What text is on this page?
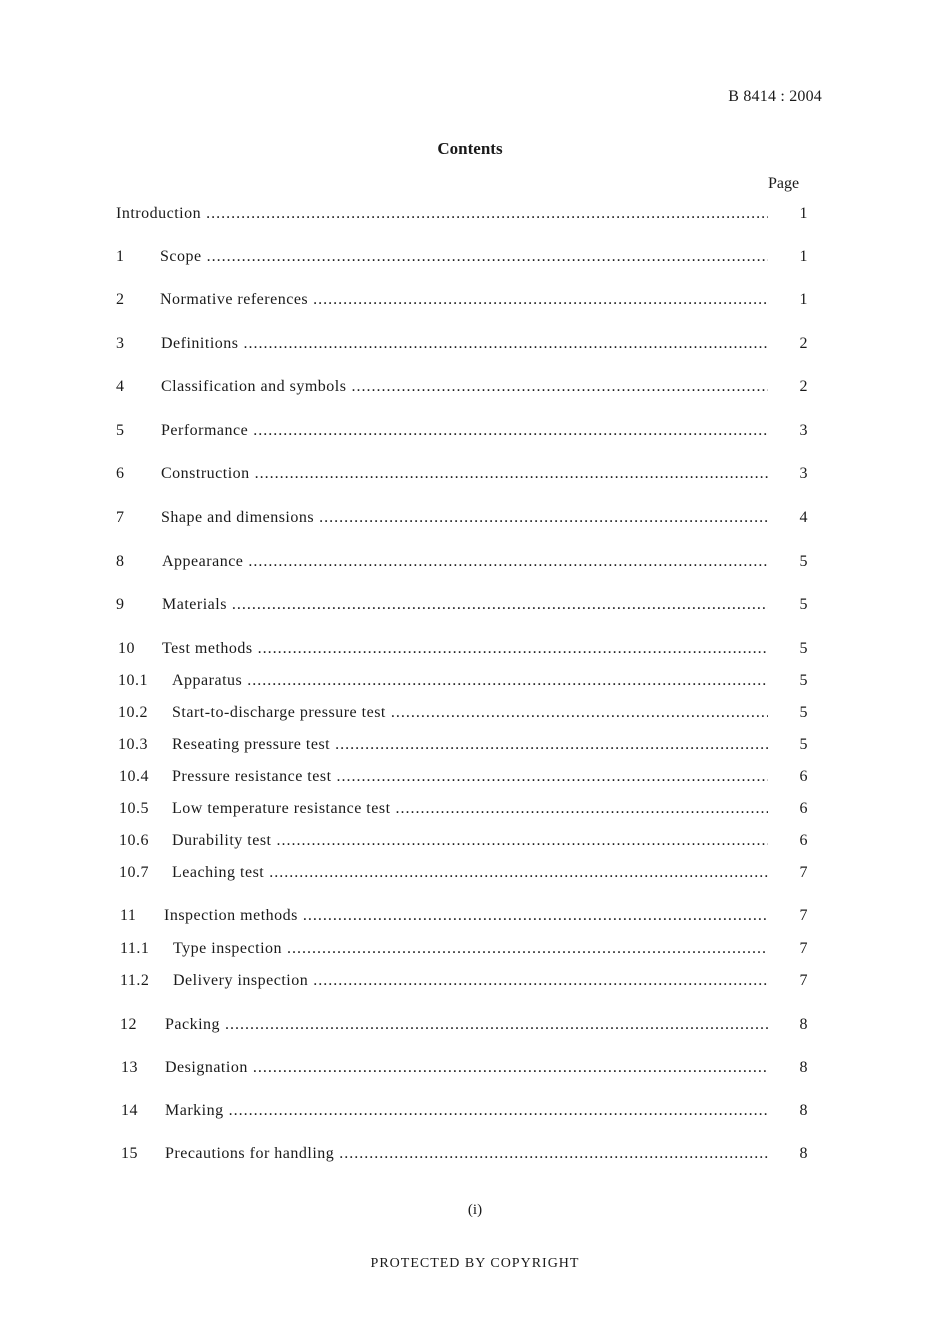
B 8414 : 2004
Contents
Page
Introduction .....	1
1 Scope .....	1
2 Normative references .....	1
3 Definitions .....	2
4 Classification and symbols .....	2
5 Performance .....	3
6 Construction .....	3
7 Shape and dimensions .....	4
8 Appearance .....	5
9 Materials .....	5
10 Test methods .....	5
10.1 Apparatus .....	5
10.2 Start-to-discharge pressure test .....	5
10.3 Reseating pressure test .....	5
10.4 Pressure resistance test .....	6
10.5 Low temperature resistance test .....	6
10.6 Durability test .....	6
10.7 Leaching test .....	7
11 Inspection methods .....	7
11.1 Type inspection .....	7
11.2 Delivery inspection .....	7
12 Packing .....	8
13 Designation .....	8
14 Marking .....	8
15 Precautions for handling .....	8
(i)
PROTECTED BY COPYRIGHT
